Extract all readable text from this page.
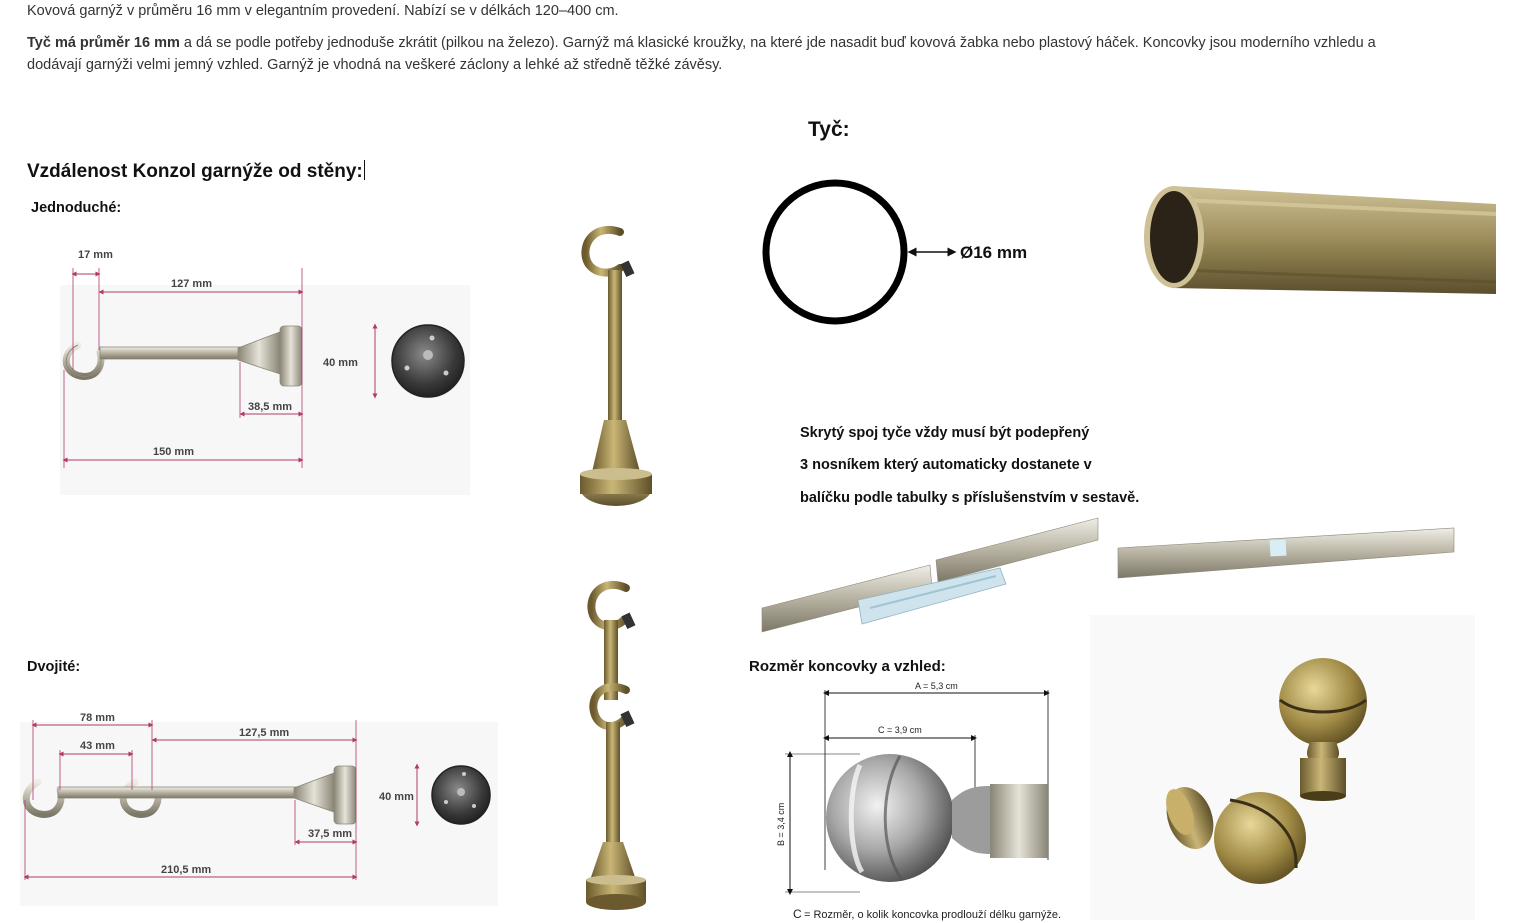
Kovová garnýž v průměru 16 mm v elegantním provedení. Nabízí se v délkách 120–400 cm.

Tyč má průměr 16 mm a dá se podle potřeby jednoduše zkrátit (pilkou na železo). Garnýž má klasické kroužky, na které jde nasadit buď kovová žabka nebo plastový háček. Koncovky jsou moderního vzhledu a dodávají garnýži velmi jemný vzhled. Garnýž je vhodná na veškeré záclony a lehké až středně těžké závěsy.

Tyč:
Vzdálenost Konzol garnýže od stěny:
Jednoduché:
Dvojité:	Rozměr koncovky a vzhled:
Skrytý spoj tyče vždy musí být podepřený
3 nosníkem který automaticky dostanete v
balíčku podle tabulky s příslušenstvím v sestavě.
17 mm
127 mm
40 mm
38,5 mm
150 mm
78 mm
43 mm
127,5 mm
40 mm
37,5 mm
210,5 mm
Ø16 mm
A = 5,3 cm
C = 3,9 cm
B = 3,4 cm
C = Rozměr, o kolik koncovka prodlouží délku garnýže.
